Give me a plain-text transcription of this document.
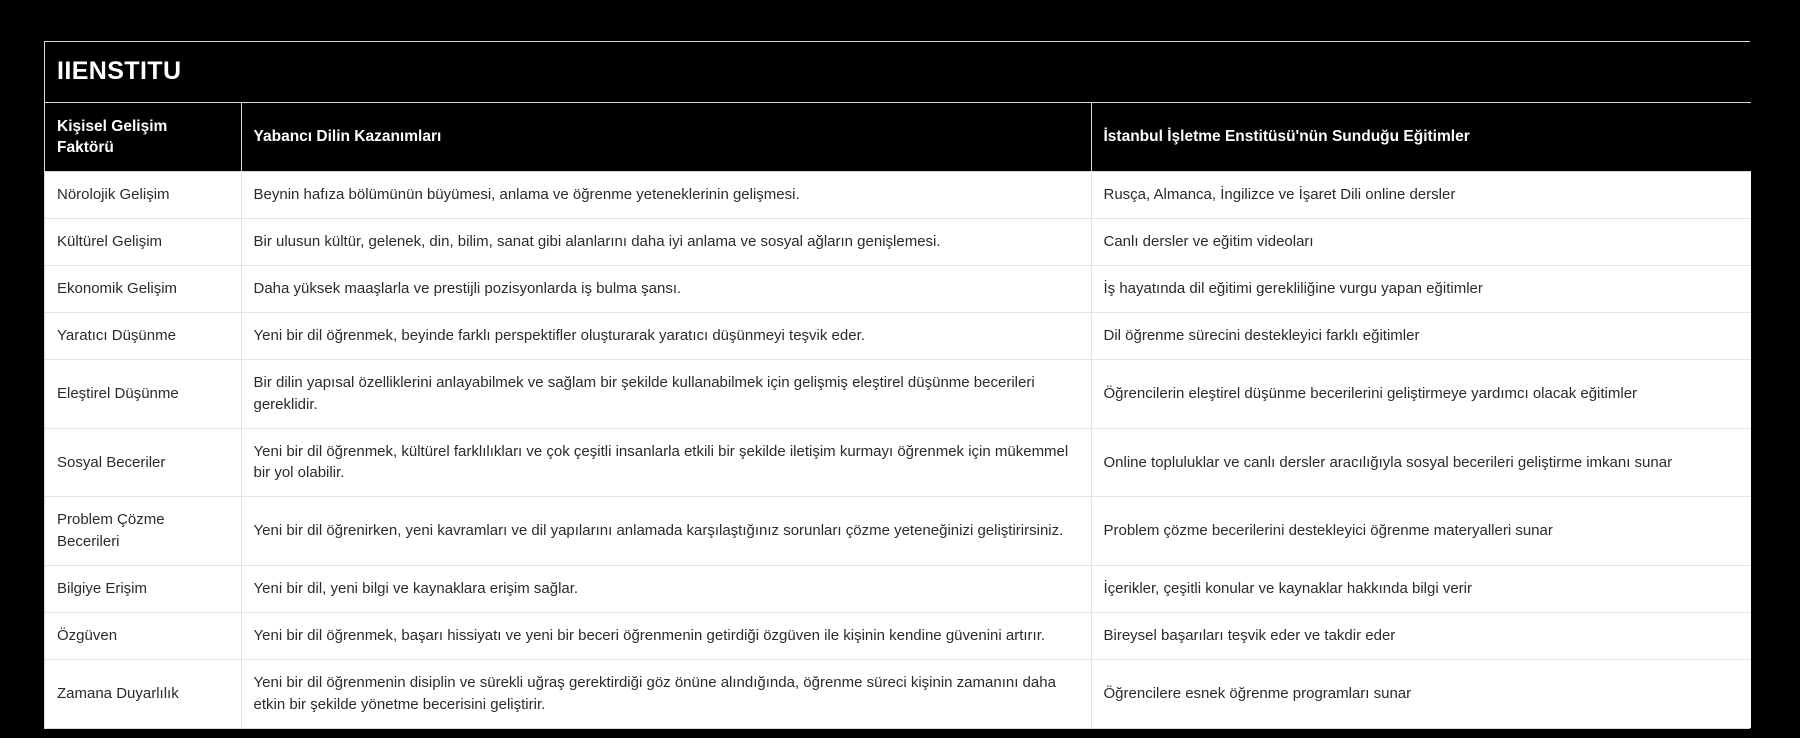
IIENSTITU		
Kişisel Gelişim Faktörü	Yabancı Dilin Kazanımları	İstanbul İşletme Enstitüsü'nün Sunduğu Eğitimler
Nörolojik Gelişim	Beynin hafıza bölümünün büyümesi, anlama ve öğrenme yeteneklerinin gelişmesi.	Rusça, Almanca, İngilizce ve İşaret Dili online dersler
Kültürel Gelişim	Bir ulusun kültür, gelenek, din, bilim, sanat gibi alanlarını daha iyi anlama ve sosyal ağların genişlemesi.	Canlı dersler ve eğitim videoları
Ekonomik Gelişim	Daha yüksek maaşlarla ve prestijli pozisyonlarda iş bulma şansı.	İş hayatında dil eğitimi gerekliliğine vurgu yapan eğitimler
Yaratıcı Düşünme	Yeni bir dil öğrenmek, beyinde farklı perspektifler oluşturarak yaratıcı düşünmeyi teşvik eder.	Dil öğrenme sürecini destekleyici farklı eğitimler
Eleştirel Düşünme	Bir dilin yapısal özelliklerini anlayabilmek ve sağlam bir şekilde kullanabilmek için gelişmiş eleştirel düşünme becerileri gereklidir.	Öğrencilerin eleştirel düşünme becerilerini geliştirmeye yardımcı olacak eğitimler
Sosyal Beceriler	Yeni bir dil öğrenmek, kültürel farklılıkları ve çok çeşitli insanlarla etkili bir şekilde iletişim kurmayı öğrenmek için mükemmel bir yol olabilir.	Online topluluklar ve canlı dersler aracılığıyla sosyal becerileri geliştirme imkanı sunar
Problem Çözme Becerileri	Yeni bir dil öğrenirken, yeni kavramları ve dil yapılarını anlamada karşılaştığınız sorunları çözme yeteneğinizi geliştirirsiniz.	Problem çözme becerilerini destekleyici öğrenme materyalleri sunar
Bilgiye Erişim	Yeni bir dil, yeni bilgi ve kaynaklara erişim sağlar.	İçerikler, çeşitli konular ve kaynaklar hakkında bilgi verir
Özgüven	Yeni bir dil öğrenmek, başarı hissiyatı ve yeni bir beceri öğrenmenin getirdiği özgüven ile kişinin kendine güvenini artırır.	Bireysel başarıları teşvik eder ve takdir eder
Zamana Duyarlılık	Yeni bir dil öğrenmenin disiplin ve sürekli uğraş gerektirdiği göz önüne alındığında, öğrenme süreci kişinin zamanını daha etkin bir şekilde yönetme becerisini geliştirir.	Öğrencilere esnek öğrenme programları sunar
